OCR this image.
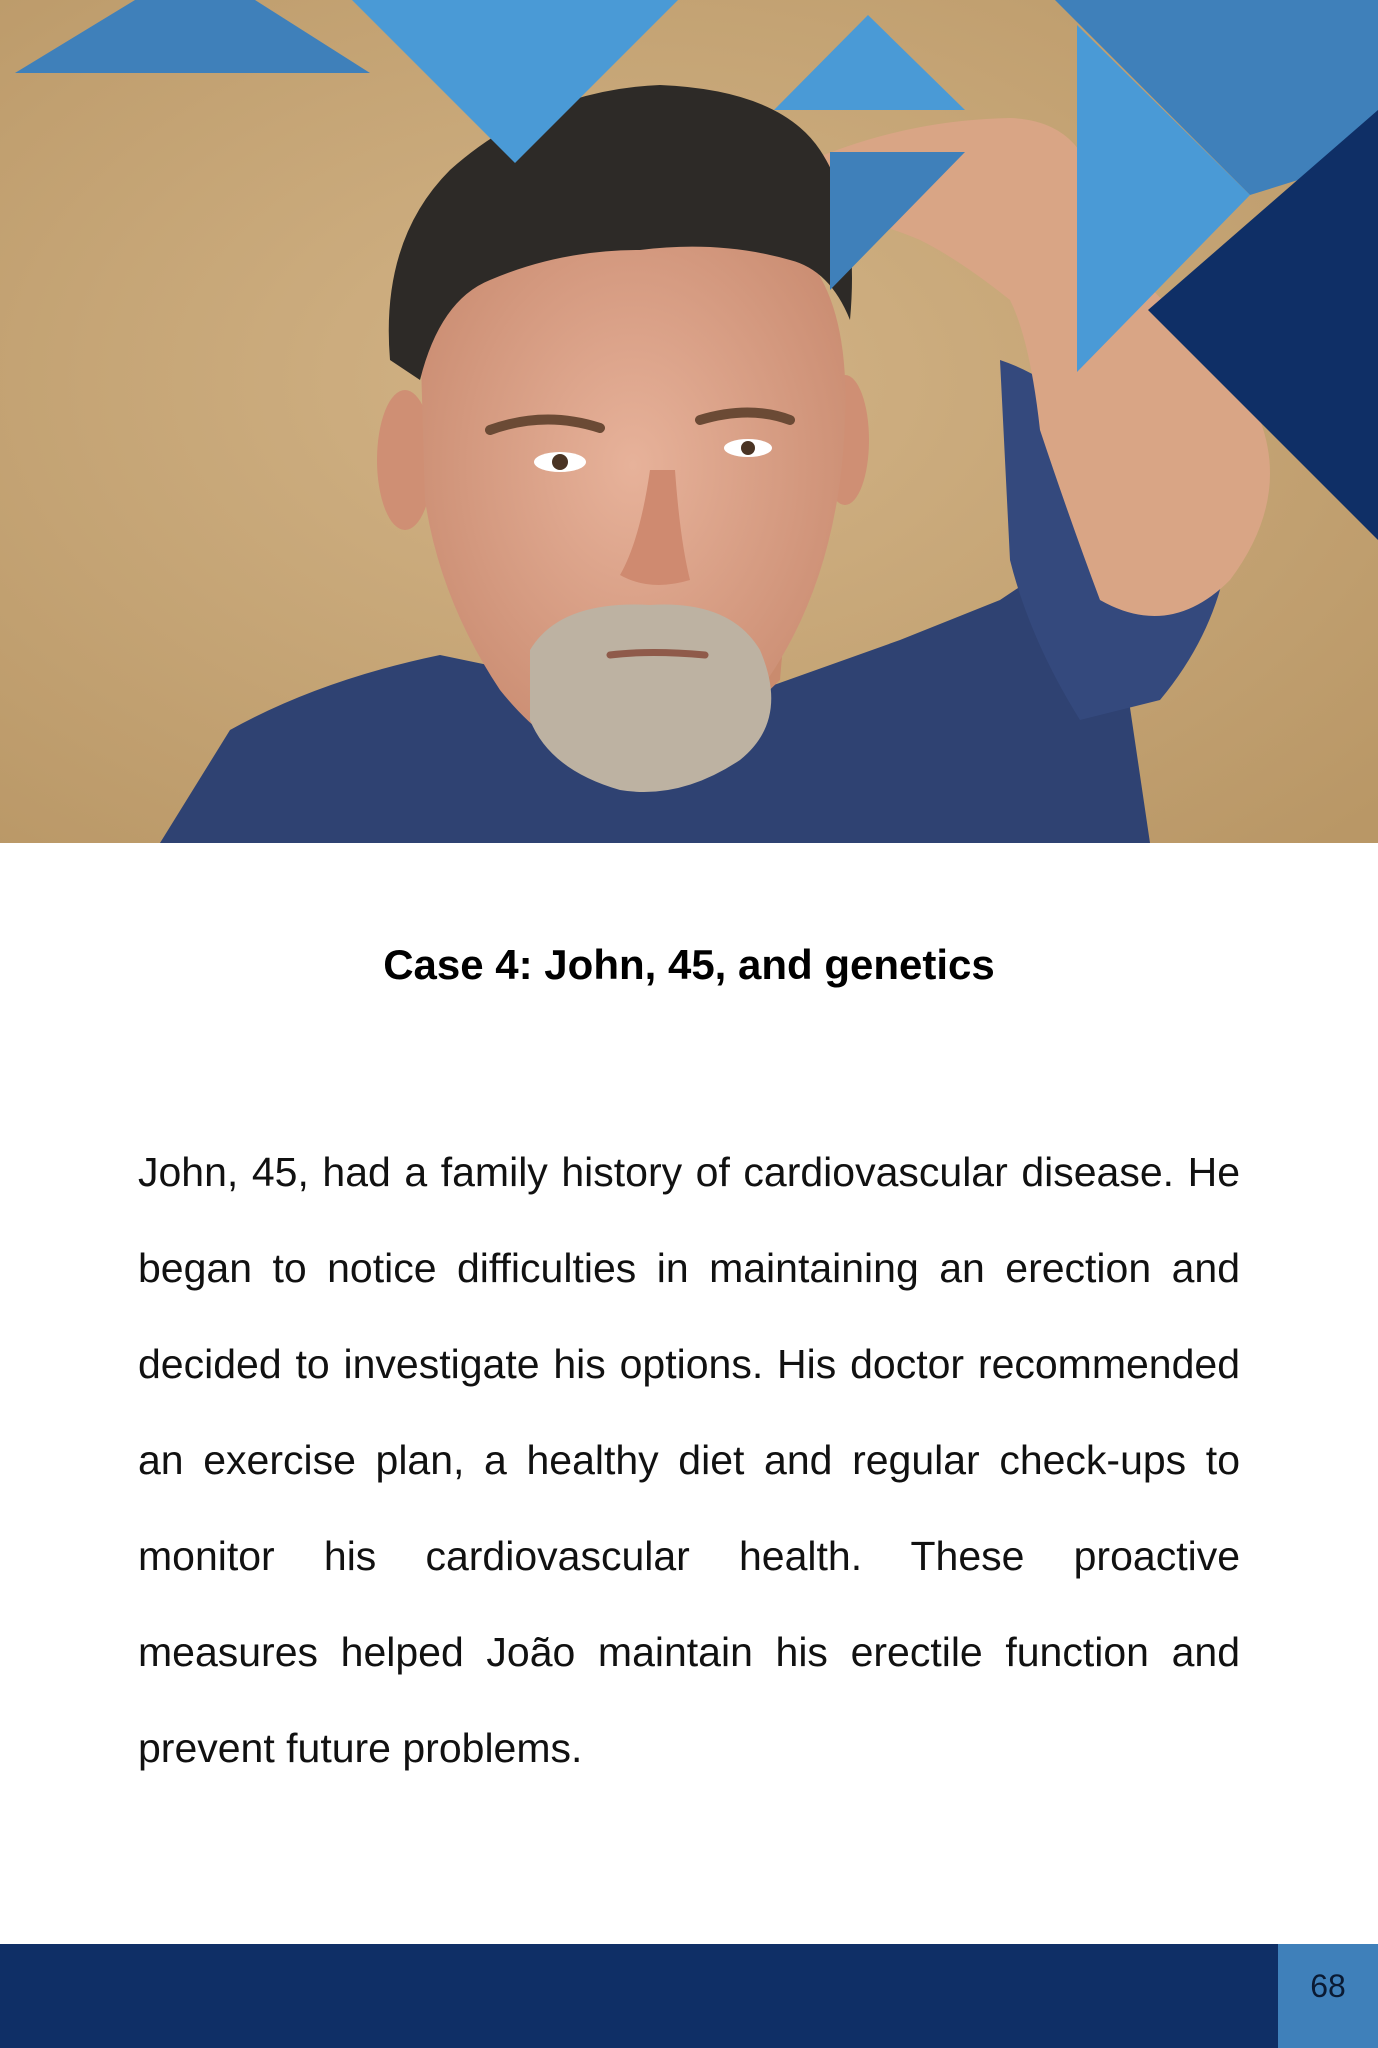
Case 4: John, 45, and genetics

John, 45, had a family history of cardiovascular disease. He began to notice difficulties in maintaining an erection and decided to investigate his options. His doctor recommended an exercise plan, a healthy diet and regular check-ups to monitor his cardiovascular health. These proactive measures helped João maintain his erectile function and prevent future problems.

68
